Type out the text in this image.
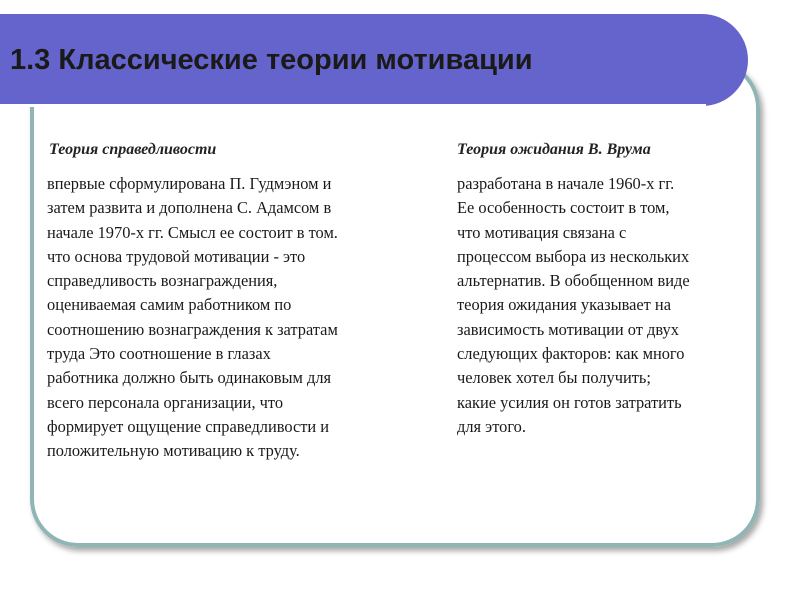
✦ ✦
1.3 Классические теории мотивации
Теория справедливости	Теория ожидания В. Врума
впервые сформулирована П. Гудмэном и
затем развита и дополнена С. Адамсом в
начале 1970-х гг. Смысл ее состоит в том.
что основа трудовой мотивации - это
справедливость вознаграждения,
оцениваемая самим работником по
соотношению вознаграждения к затратам
труда Это соотношение в глазах
работника должно быть одинаковым для
всего персонала организации, что
формирует ощущение справедливости и
положительную мотивацию к труду.
разработана в начале 1960-х гг.
Ее особенность состоит в том,
что мотивация связана с
процессом выбора из нескольких
альтернатив. В обобщенном виде
теория ожидания указывает на
зависимость мотивации от двух
следующих факторов: как много
человек хотел бы получить;
какие усилия он готов затратить
для этого.
